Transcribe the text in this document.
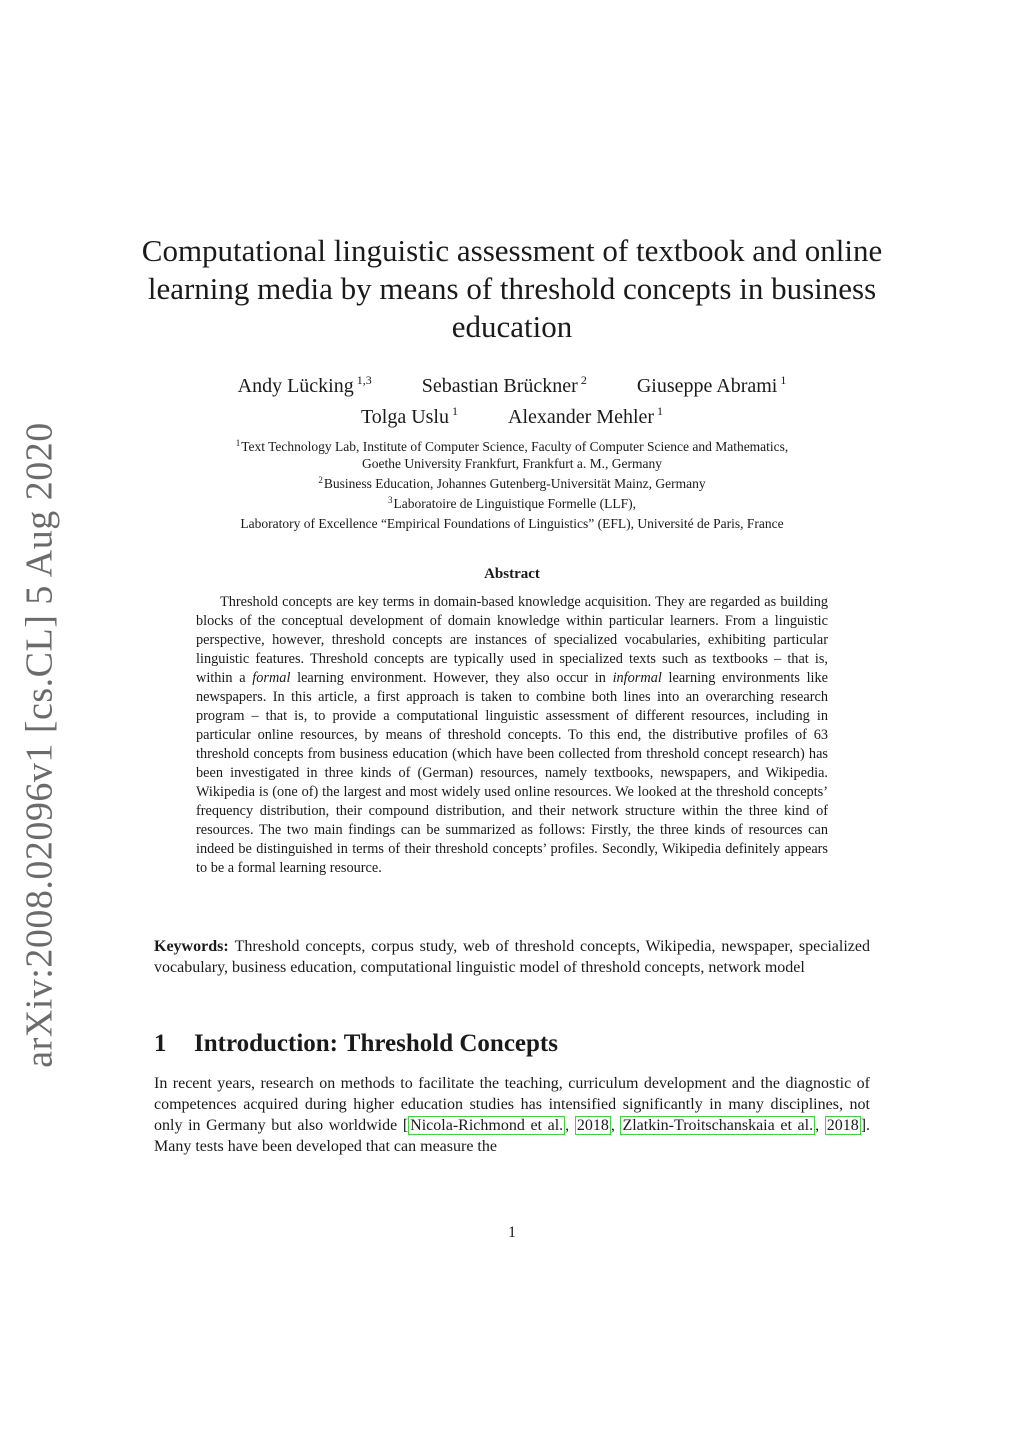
arXiv:2008.02096v1 [cs.CL] 5 Aug 2020
Computational linguistic assessment of textbook and online learning media by means of threshold concepts in business education
Andy Lücking $^{1,3}$	Sebastian Brückner $^2$	Giuseppe Abrami $^1$
Tolga Uslu $^1$	Alexander Mehler $^1$

$^1$Text Technology Lab, Institute of Computer Science, Faculty of Computer Science and Mathematics,

Goethe University Frankfurt, Frankfurt a. M., Germany

$^2$Business Education, Johannes Gutenberg-Universität Mainz, Germany

$^3$Laboratoire de Linguistique Formelle (LLF),

Laboratory of Excellence “Empirical Foundations of Linguistics” (EFL), Université de Paris, France

Abstract

Threshold concepts are key terms in domain-based knowledge acquisition. They are regarded as building blocks of the conceptual development of domain knowledge within particular learners. From a linguistic perspective, however, threshold concepts are instances of specialized vocabularies, exhibiting particular linguistic features. Threshold concepts are typically used in specialized texts such as textbooks – that is, within a formal learning environment. However, they also occur in informal learning environments like newspapers. In this article, a first approach is taken to combine both lines into an overarching research program – that is, to provide a computational linguistic assessment of different resources, including in particular online resources, by means of threshold concepts. To this end, the distributive profiles of 63 threshold concepts from business education (which have been collected from threshold concept research) has been investigated in three kinds of (German) resources, namely textbooks, newspapers, and Wikipedia. Wikipedia is (one of) the largest and most widely used online resources. We looked at the threshold concepts’ frequency distribution, their compound distribution, and their network structure within the three kind of resources. The two main findings can be summarized as follows: Firstly, the three kinds of resources can indeed be distinguished in terms of their threshold concepts’ profiles. Secondly, Wikipedia definitely appears to be a formal learning resource.

Keywords: Threshold concepts, corpus study, web of threshold concepts, Wikipedia, newspaper, specialized vocabulary, business education, computational linguistic model of threshold concepts, network model

1 Introduction: Threshold Concepts

In recent years, research on methods to facilitate the teaching, curriculum development and the diagnostic of competences acquired during higher education studies has intensified significantly in many disciplines, not only in Germany but also worldwide [ Nicola-Richmond et al. , 2018 , Zlatkin-Troitschanskaia et al. , 2018 ]. Many tests have been developed that can measure the

1
